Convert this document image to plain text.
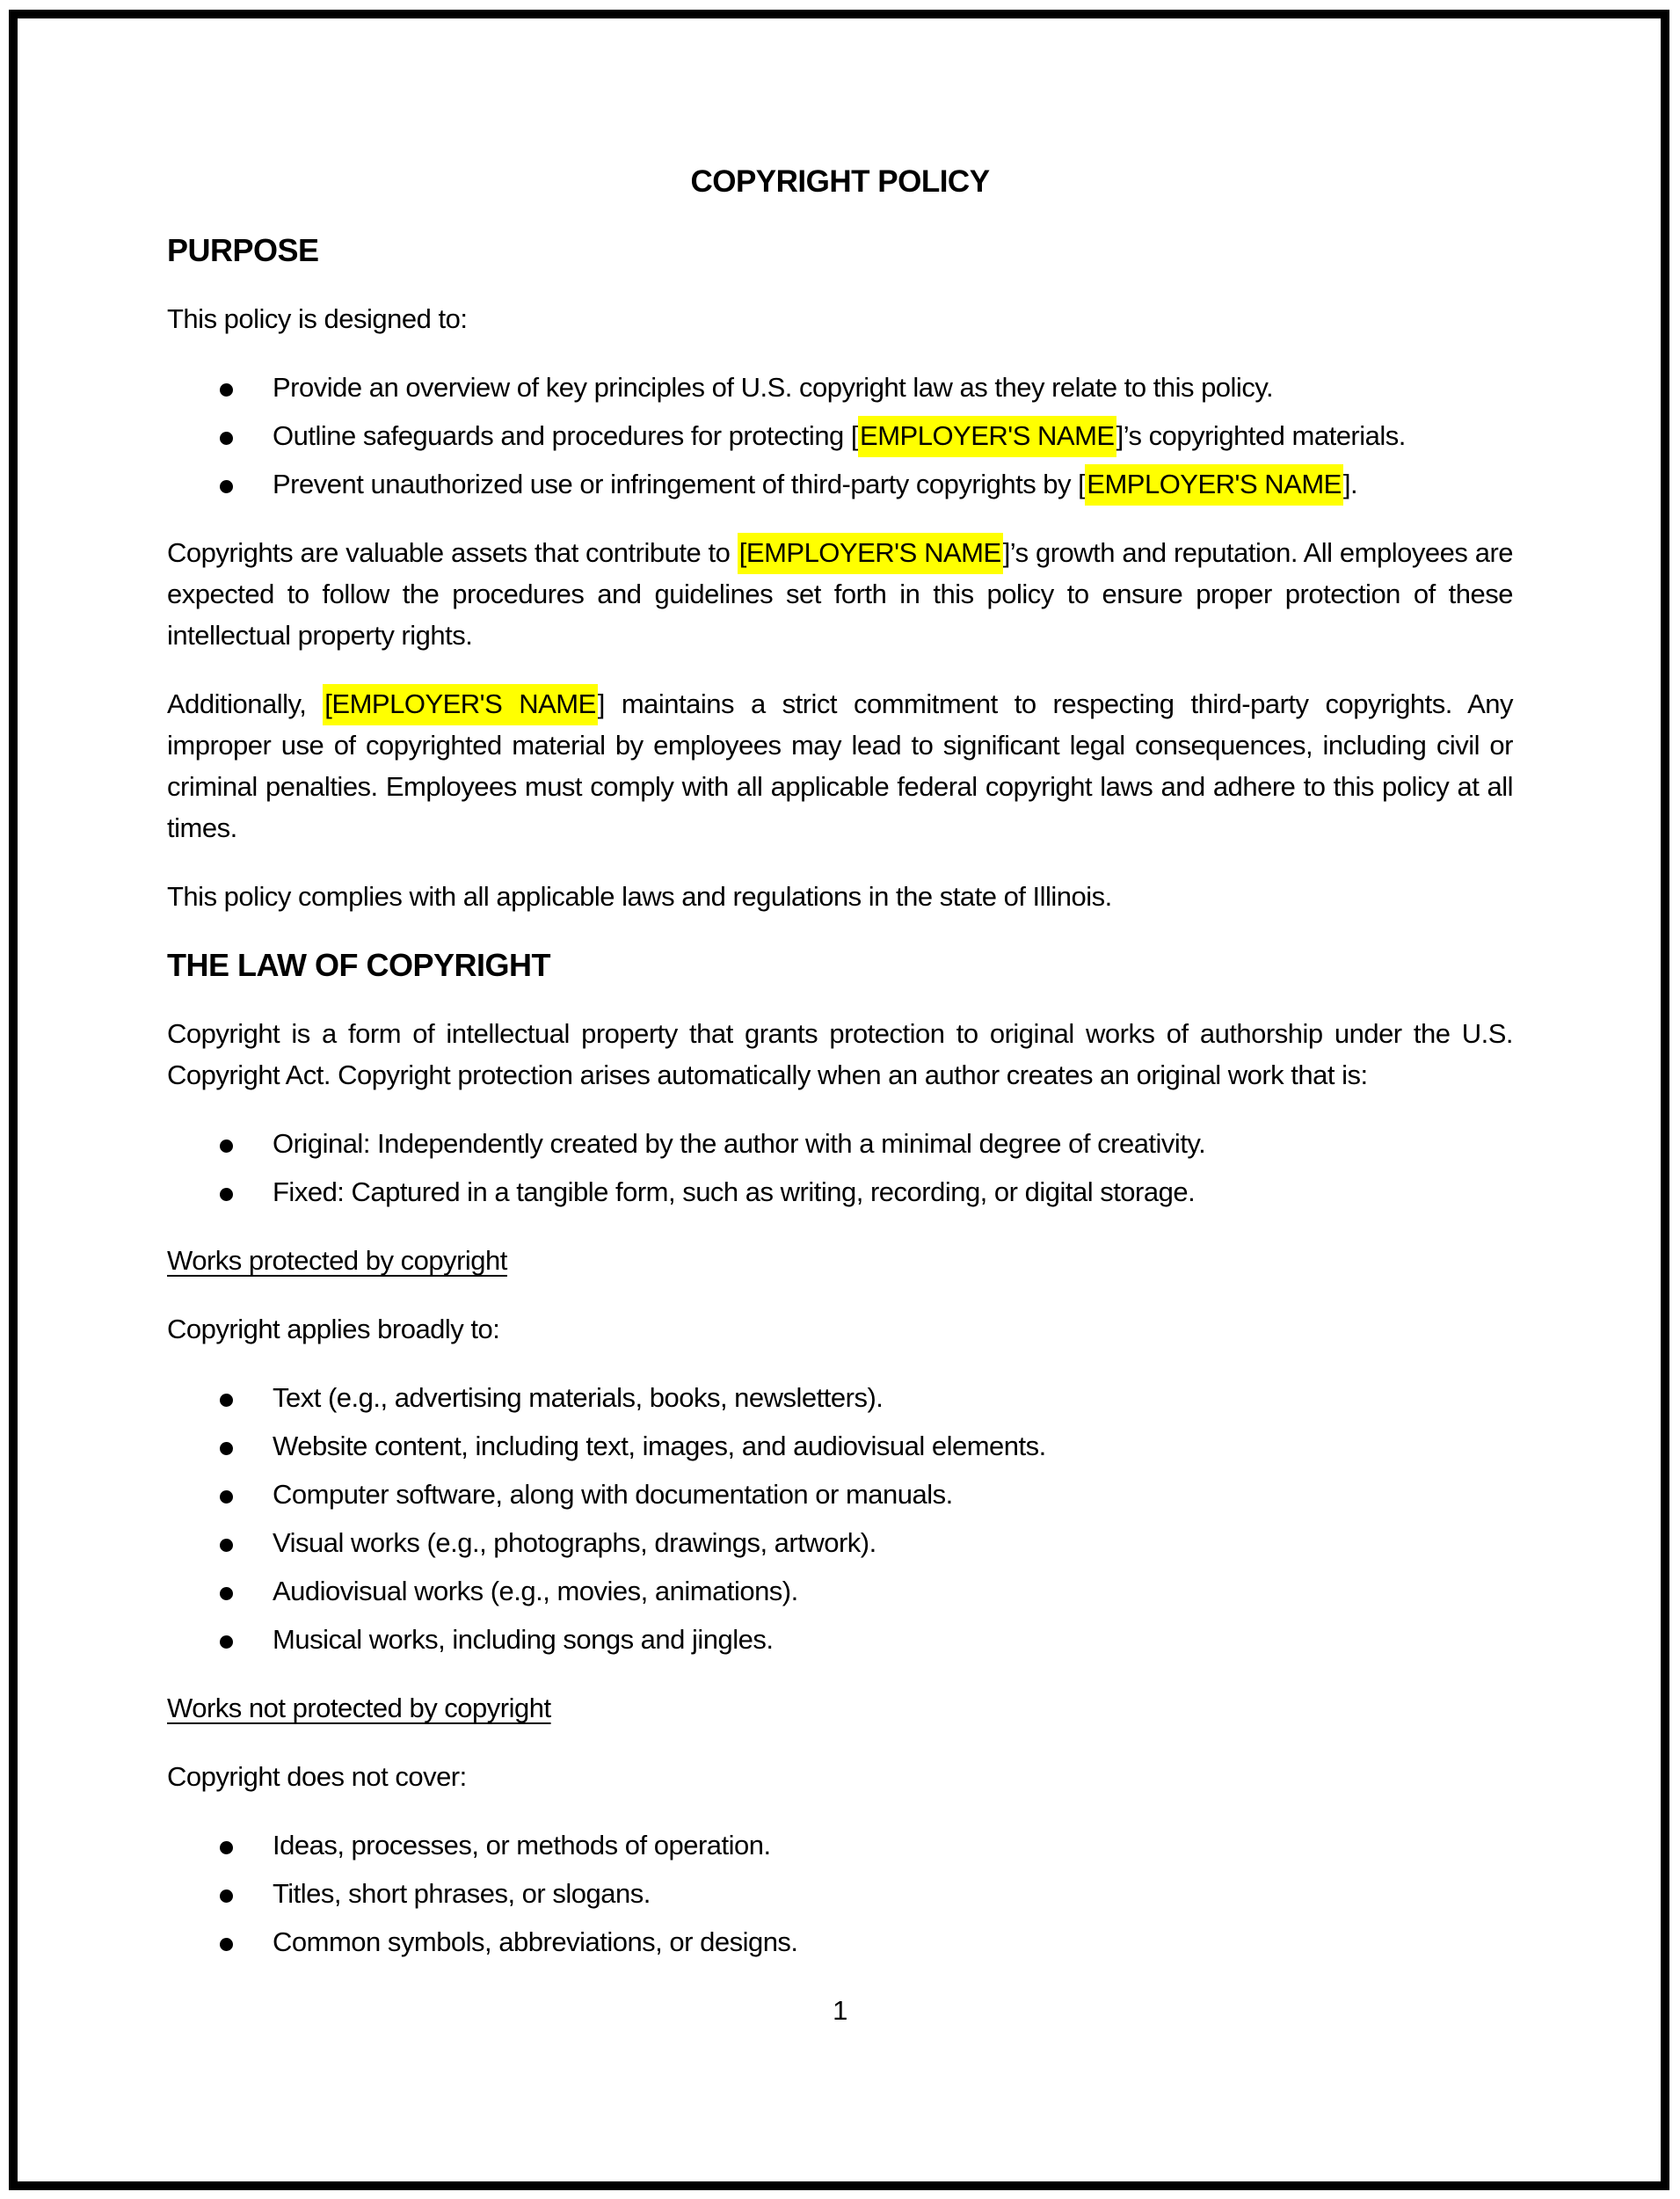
COPYRIGHT POLICY
PURPOSE

This policy is designed to:

Provide an overview of key principles of U.S. copyright law as they relate to this policy.
Outline safeguards and procedures for protecting [EMPLOYER'S NAME]’s copyrighted materials.
Prevent unauthorized use or infringement of third-party copyrights by [EMPLOYER'S NAME].

Copyrights are valuable assets that contribute to [EMPLOYER'S NAME]’s growth and reputation. All employees are expected to follow the procedures and guidelines set forth in this policy to ensure proper protection of these intellectual property rights.

Additionally, [EMPLOYER'S NAME] maintains a strict commitment to respecting third-party copyrights. Any improper use of copyrighted material by employees may lead to significant legal consequences, including civil or criminal penalties. Employees must comply with all applicable federal copyright laws and adhere to this policy at all times.

This policy complies with all applicable laws and regulations in the state of Illinois.

THE LAW OF COPYRIGHT

Copyright is a form of intellectual property that grants protection to original works of authorship under the U.S. Copyright Act. Copyright protection arises automatically when an author creates an original work that is:

Original: Independently created by the author with a minimal degree of creativity.
Fixed: Captured in a tangible form, such as writing, recording, or digital storage.

Works protected by copyright

Copyright applies broadly to:

Text (e.g., advertising materials, books, newsletters).
Website content, including text, images, and audiovisual elements.
Computer software, along with documentation or manuals.
Visual works (e.g., photographs, drawings, artwork).
Audiovisual works (e.g., movies, animations).
Musical works, including songs and jingles.

Works not protected by copyright

Copyright does not cover:

Ideas, processes, or methods of operation.
Titles, short phrases, or slogans.
Common symbols, abbreviations, or designs.

1
